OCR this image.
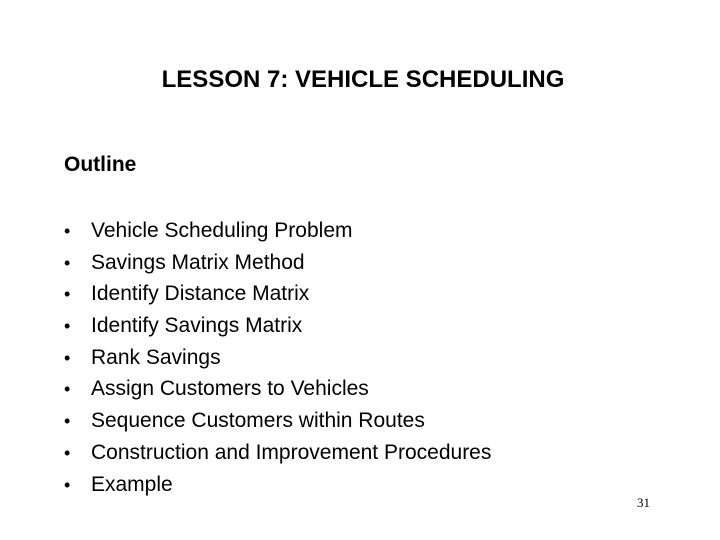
LESSON 7: VEHICLE SCHEDULING
Outline
• Vehicle Scheduling Problem
• Savings Matrix Method
• Identify Distance Matrix
• Identify Savings Matrix
• Rank Savings
• Assign Customers to Vehicles
• Sequence Customers within Routes
• Construction and Improvement Procedures
• Example
31
